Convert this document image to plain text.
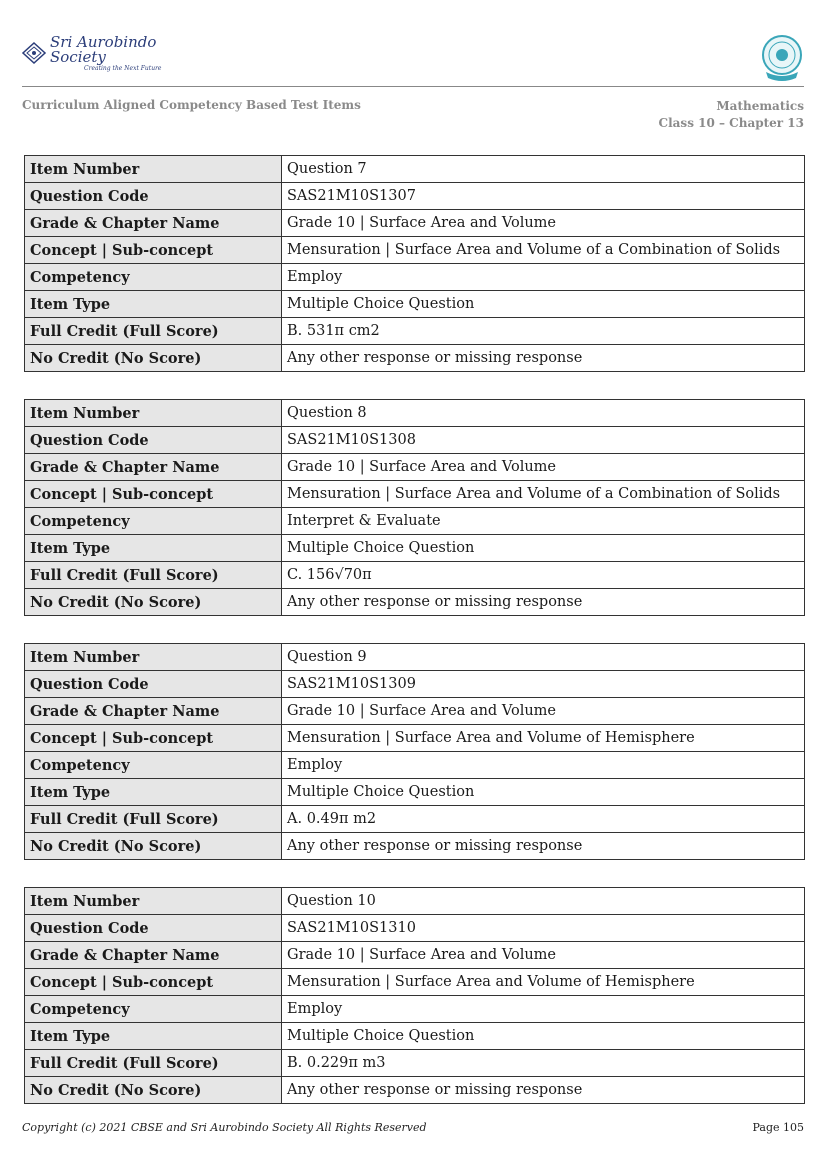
Sri Aurobindo Society
Creating the Next Future
Curriculum Aligned Competency Based Test Items	Mathematics
Class 10 – Chapter 13
Item Number	Question 7
Question Code	SAS21M10S1307
Grade & Chapter Name	Grade 10 | Surface Area and Volume
Concept | Sub-concept	Mensuration | Surface Area and Volume of a Combination of Solids
Competency	Employ
Item Type	Multiple Choice Question
Full Credit (Full Score)	B. 531π cm2
No Credit (No Score)	Any other response or missing response
Item Number	Question 8
Question Code	SAS21M10S1308
Grade & Chapter Name	Grade 10 | Surface Area and Volume
Concept | Sub-concept	Mensuration | Surface Area and Volume of a Combination of Solids
Competency	Interpret & Evaluate
Item Type	Multiple Choice Question
Full Credit (Full Score)	C. 156√70π
No Credit (No Score)	Any other response or missing response
Item Number	Question 9
Question Code	SAS21M10S1309
Grade & Chapter Name	Grade 10 | Surface Area and Volume
Concept | Sub-concept	Mensuration | Surface Area and Volume of Hemisphere
Competency	Employ
Item Type	Multiple Choice Question
Full Credit (Full Score)	A. 0.49π m2
No Credit (No Score)	Any other response or missing response
Item Number	Question 10
Question Code	SAS21M10S1310
Grade & Chapter Name	Grade 10 | Surface Area and Volume
Concept | Sub-concept	Mensuration | Surface Area and Volume of Hemisphere
Competency	Employ
Item Type	Multiple Choice Question
Full Credit (Full Score)	B. 0.229π m3
No Credit (No Score)	Any other response or missing response
Copyright (c) 2021 CBSE and Sri Aurobindo Society All Rights Reserved	Page 105
